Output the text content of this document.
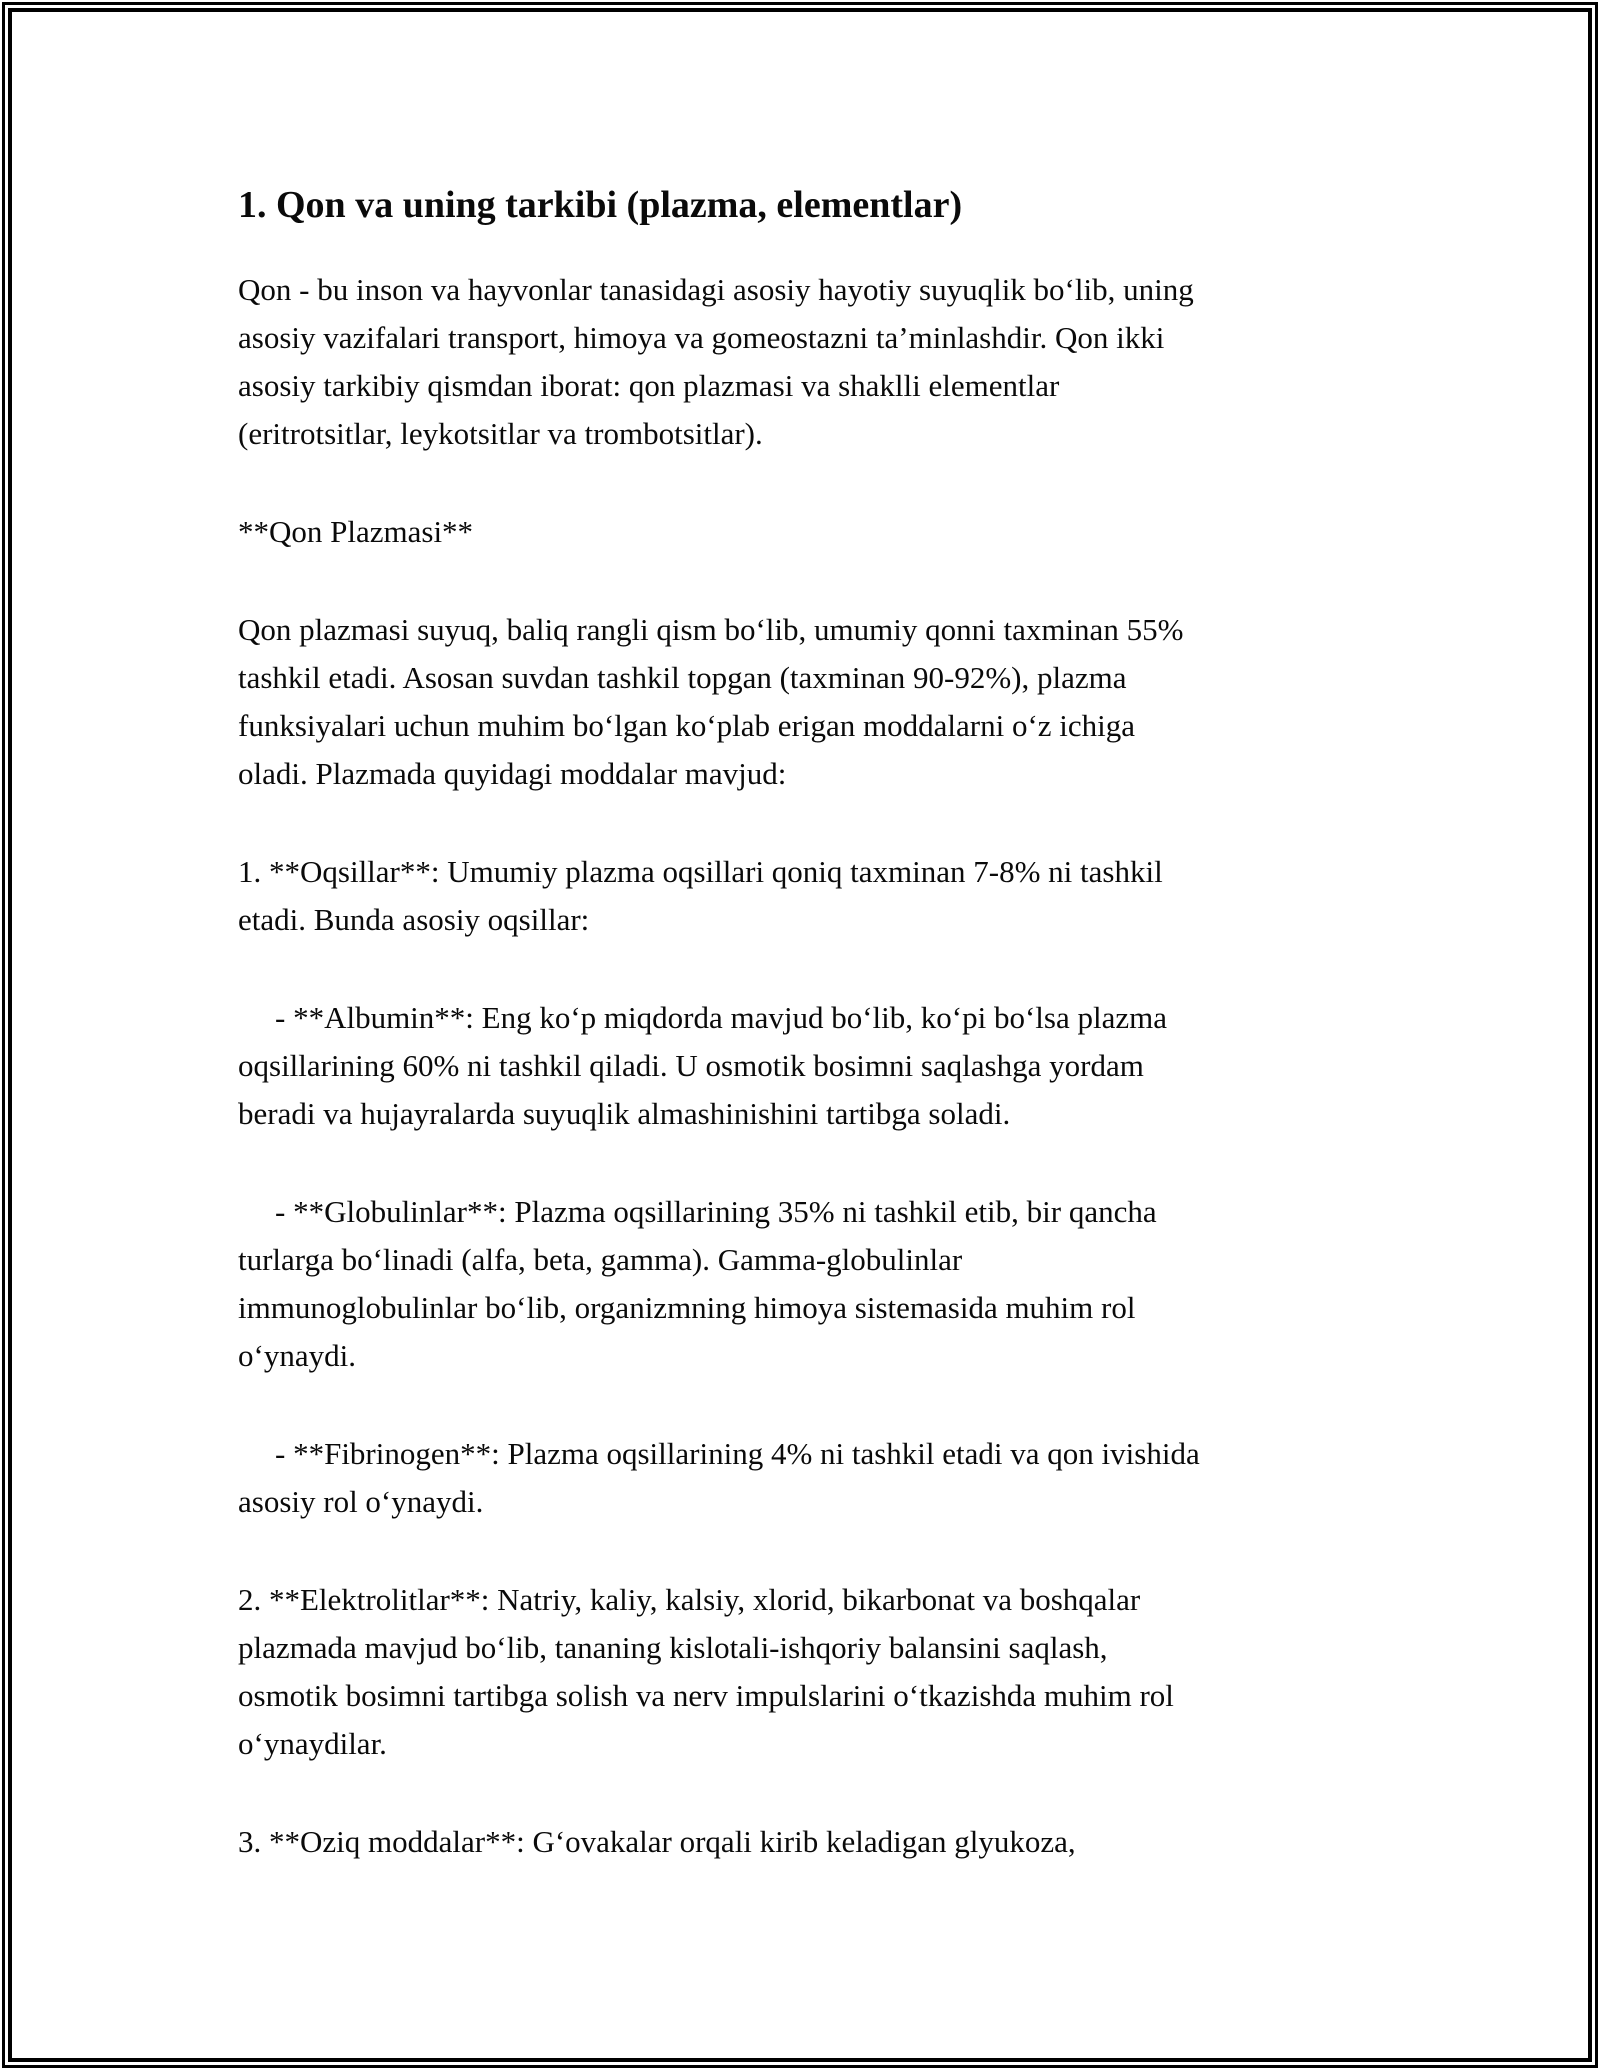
1. Qon va uning tarkibi (plazma, elementlar)

Qon - bu inson va hayvonlar tanasidagi asosiy hayotiy suyuqlik bo‘lib, uning
asosiy vazifalari transport, himoya va gomeostazni ta’minlashdir. Qon ikki
asosiy tarkibiy qismdan iborat: qon plazmasi va shaklli elementlar
(eritrotsitlar, leykotsitlar va trombotsitlar).

**Qon Plazmasi**

Qon plazmasi suyuq, baliq rangli qism bo‘lib, umumiy qonni taxminan 55%
tashkil etadi. Asosan suvdan tashkil topgan (taxminan 90-92%), plazma
funksiyalari uchun muhim bo‘lgan ko‘plab erigan moddalarni o‘z ichiga
oladi. Plazmada quyidagi moddalar mavjud:

1. **Oqsillar**: Umumiy plazma oqsillari qoniq taxminan 7-8% ni tashkil
etadi. Bunda asosiy oqsillar:

- **Albumin**: Eng ko‘p miqdorda mavjud bo‘lib, ko‘pi bo‘lsa plazma
oqsillarining 60% ni tashkil qiladi. U osmotik bosimni saqlashga yordam
beradi va hujayralarda suyuqlik almashinishini tartibga soladi.

- **Globulinlar**: Plazma oqsillarining 35% ni tashkil etib, bir qancha
turlarga bo‘linadi (alfa, beta, gamma). Gamma-globulinlar
immunoglobulinlar bo‘lib, organizmning himoya sistemasida muhim rol
o‘ynaydi.

- **Fibrinogen**: Plazma oqsillarining 4% ni tashkil etadi va qon ivishida
asosiy rol o‘ynaydi.

2. **Elektrolitlar**: Natriy, kaliy, kalsiy, xlorid, bikarbonat va boshqalar
plazmada mavjud bo‘lib, tananing kislotali-ishqoriy balansini saqlash,
osmotik bosimni tartibga solish va nerv impulslarini o‘tkazishda muhim rol
o‘ynaydilar.

3. **Oziq moddalar**: G‘ovakalar orqali kirib keladigan glyukoza,
